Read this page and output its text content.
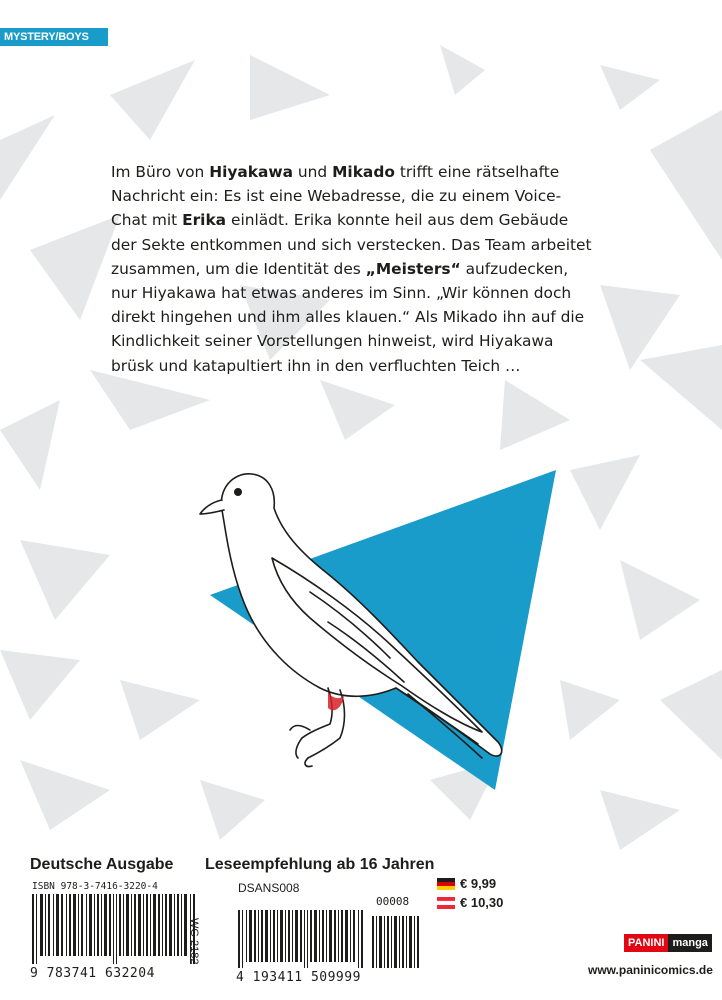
MYSTERY/BOYS LOVE
Im Büro von Hiyakawa und Mikado trifft eine rätselhafte
Nachricht ein: Es ist eine Webadresse, die zu einem Voice-
Chat mit Erika einlädt. Erika konnte heil aus dem Gebäude
der Sekte entkommen und sich verstecken. Das Team arbeitet
zusammen, um die Identität des „Meisters“ aufzudecken,
nur Hiyakawa hat etwas anderes im Sinn. „Wir können doch
direkt hingehen und ihm alles klauen.“ Als Mikado ihn auf die
Kindlichkeit seiner Vorstellungen hinweist, wird Hiyakawa
brüsk und katapultiert ihn in den verfluchten Teich …
Deutsche Ausgabe Leseempfehlung ab 16 Jahren
ISBN 978-3-7416-3220-4
9 783741 632204
WG 2182
DSANS008
00008
4 193411 509999
€ 9,99
€ 10,30
PANINI manga
www.paninicomics.de
